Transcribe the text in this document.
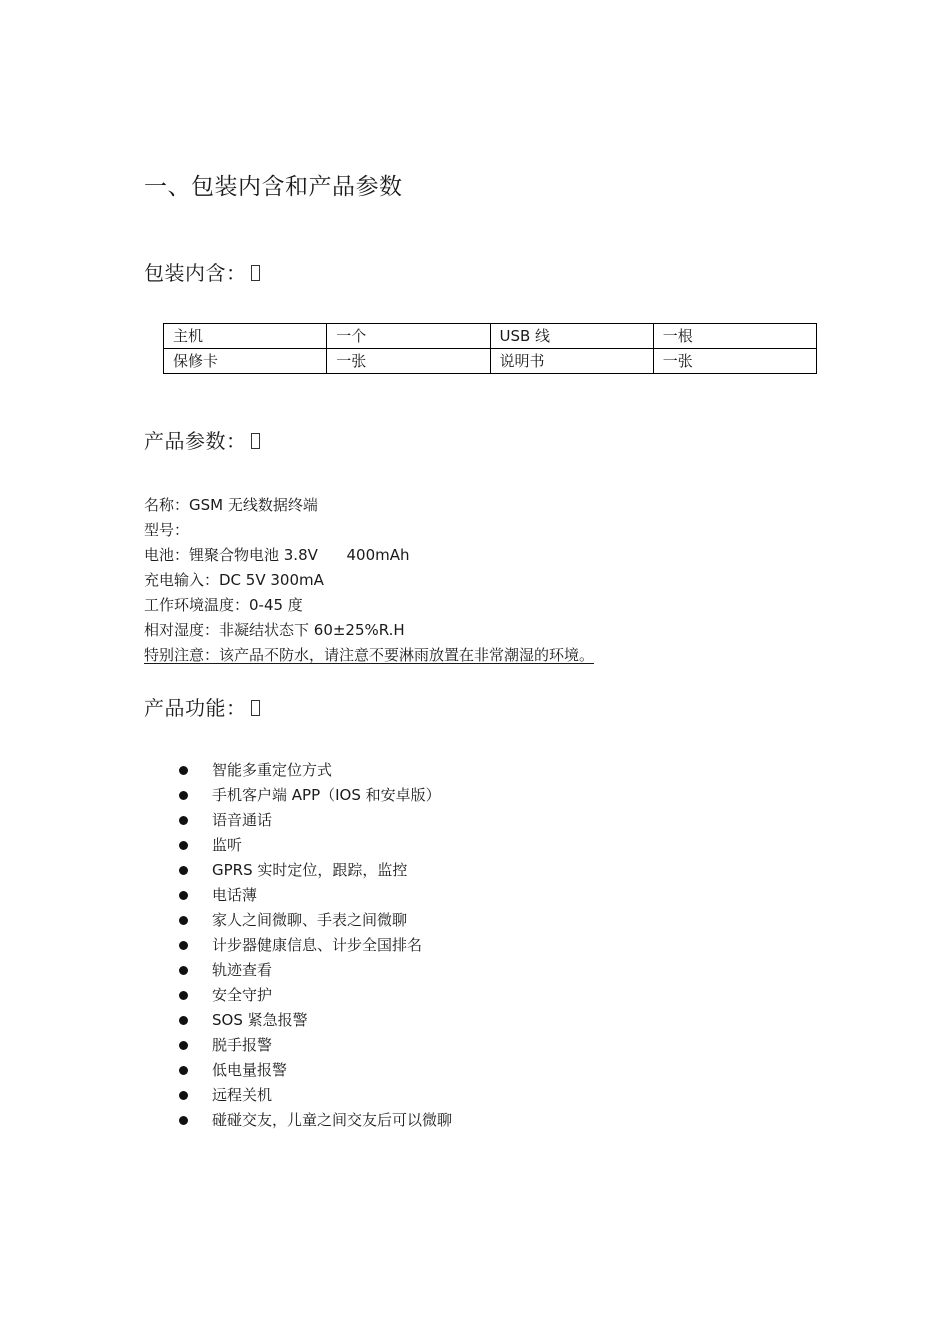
一、包装内含和产品参数
包装内含：
主机	一个	USB 线	一根
保修卡	一张	说明书	一张
产品参数：
名称：GSM 无线数据终端
型号：
电池：锂聚合物电池 3.8V      400mAh
充电输入：DC 5V 300mA
工作环境温度：0-45 度
相对湿度：非凝结状态下 60±25%R.H
特别注意：该产品不防水，请注意不要淋雨放置在非常潮湿的环境。
产品功能：
智能多重定位方式
手机客户端 APP（IOS 和安卓版）
语音通话
监听
GPRS 实时定位，跟踪，监控
电话薄
家人之间微聊、手表之间微聊
计步器健康信息、计步全国排名
轨迹查看
安全守护
SOS 紧急报警
脱手报警
低电量报警
远程关机
碰碰交友，儿童之间交友后可以微聊
